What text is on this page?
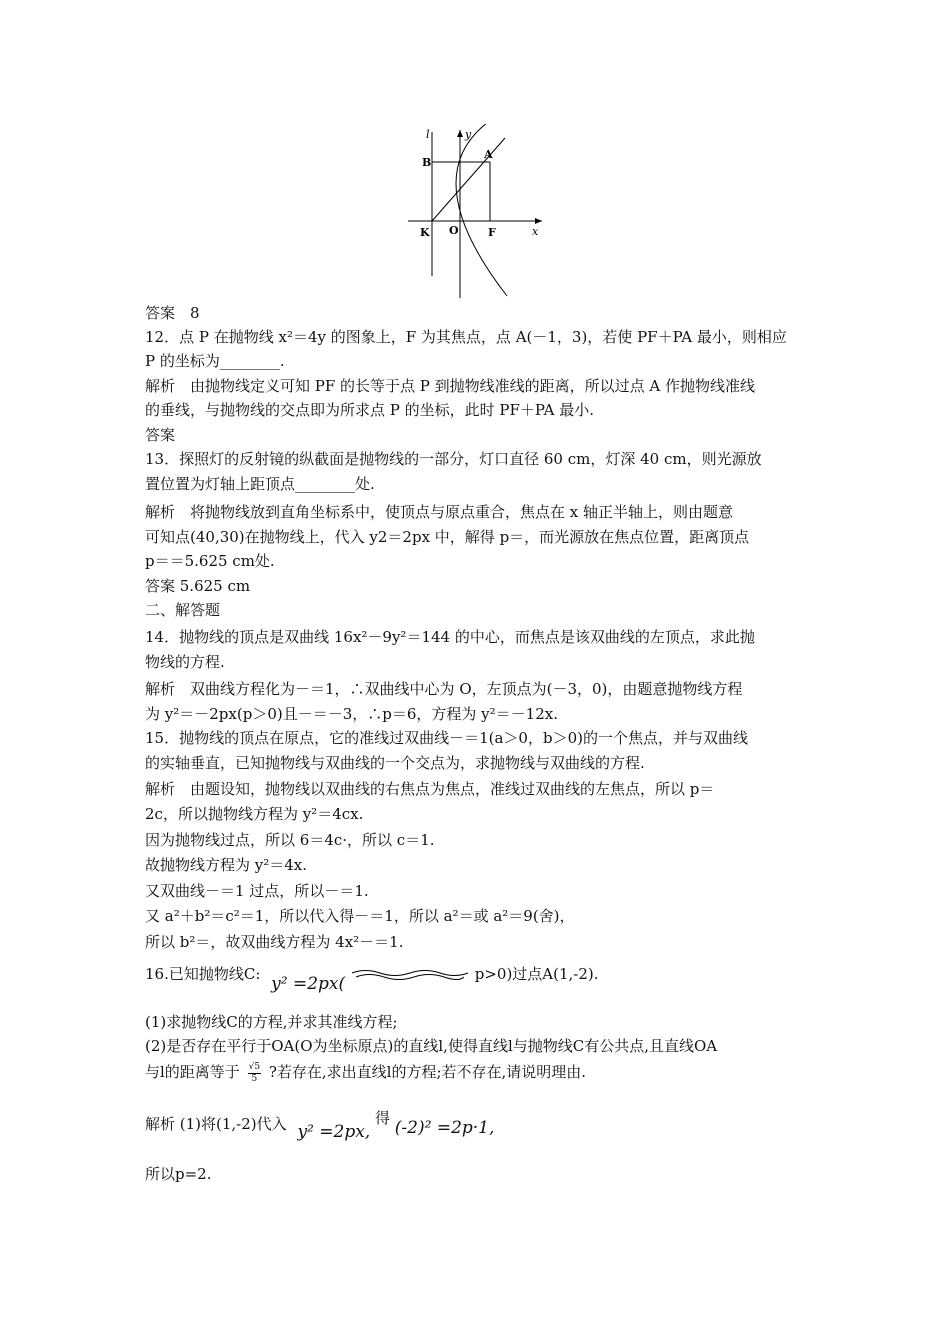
l	y
A
B
K O	F	x
答案　8
12．点 P 在抛物线 x²＝4y 的图象上，F 为其焦点，点 A(－1，3)，若使 PF＋PA 最小，则相应
P 的坐标为________.
解析　由抛物线定义可知 PF 的长等于点 P 到抛物线准线的距离，所以过点 A 作抛物线准线
的垂线，与抛物线的交点即为所求点 P 的坐标，此时 PF＋PA 最小.
答案
13．探照灯的反射镜的纵截面是抛物线的一部分，灯口直径 60 cm，灯深 40 cm，则光源放
置位置为灯轴上距顶点________处.
解析　将抛物线放到直角坐标系中，使顶点与原点重合，焦点在 x 轴正半轴上，则由题意
可知点(40,30)在抛物线上，代入 y2＝2px 中，解得 p＝，而光源放在焦点位置，距离顶点
p＝＝5.625 cm处.
答案 5.625 cm
二、解答题
14．抛物线的顶点是双曲线 16x²－9y²＝144 的中心，而焦点是该双曲线的左顶点，求此抛
物线的方程.
解析　双曲线方程化为－＝1，∴双曲线中心为 O，左顶点为(－3，0)，由题意抛物线方程
为 y²＝－2px(p＞0)且－＝－3，∴p＝6，方程为 y²＝－12x.
15．抛物线的顶点在原点，它的准线过双曲线－＝1(a＞0，b＞0)的一个焦点，并与双曲线
的实轴垂直，已知抛物线与双曲线的一个交点为，求抛物线与双曲线的方程.
解析　由题设知，抛物线以双曲线的右焦点为焦点，准线过双曲线的左焦点，所以 p＝
2c，所以抛物线方程为 y²＝4cx.
因为抛物线过点，所以 6＝4c·，所以 c＝1.
故抛物线方程为 y²＝4x.
又双曲线－＝1 过点，所以－＝1.
又 a²＋b²＝c²＝1，所以代入得－＝1，所以 a²＝或 a²＝9(舍)，
所以 b²＝，故双曲线方程为 4x²－＝1.
16.已知抛物线C: y² =2px(	p>0)过点A(1,-2).
(1)求抛物线C的方程,并求其准线方程;
(2)是否存在平行于OA(O为坐标原点)的直线l,使得直线l与抛物线C有公共点,且直线OA
与l的距离等于 $\frac{√5}{5}$ ?若存在,求出直线l的方程;若不存在,请说明理由.
解析 (1)将(1,-2)代入 y² =2px, 得 (-2)² =2p·1,
所以p=2.
